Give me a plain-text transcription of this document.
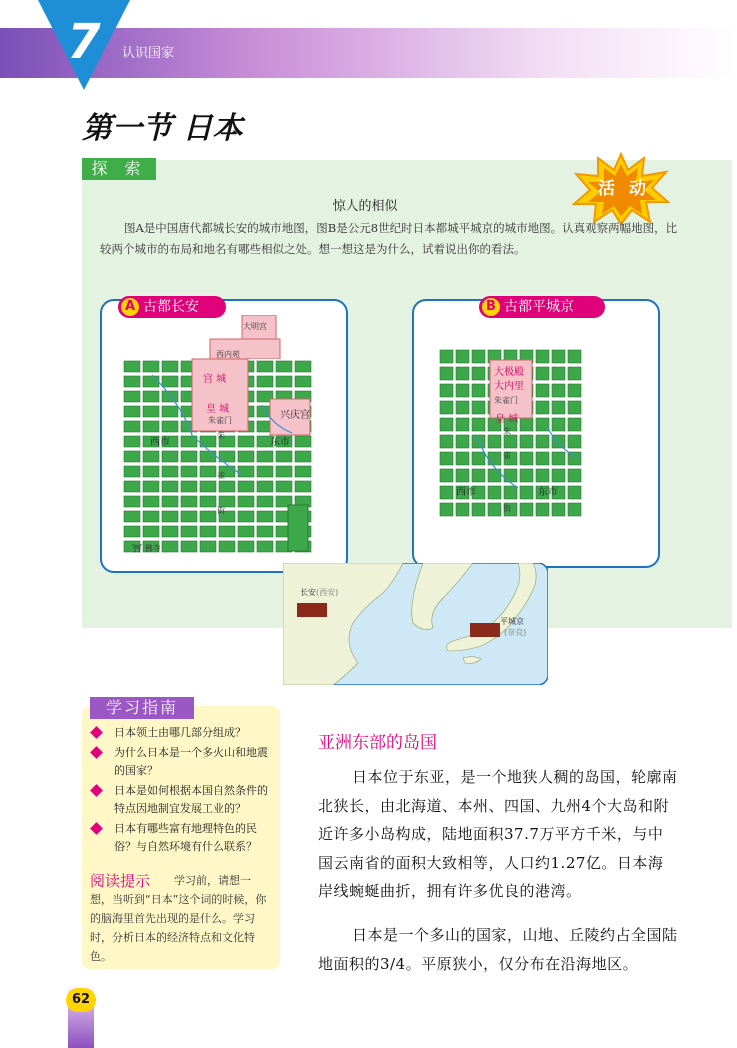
7 认识国家
第一节 日本
探 索
活 动
惊人的相似
图A是中国唐代都城长安的城市地图，图B是公元8世纪时日本都城平城京的城市地图。认真观察两幅地图，比较两个城市的布局和地名有哪些相似之处。想一想这是为什么，试着说出你的看法。
A 古都长安
大明宫
西内苑
宫 城
皇 城
朱雀门	兴庆宫
西市	东市
朱
雀
街
⛩ 佛寺
B 古都平城京
大极殿
大内里
朱雀门
皇 城
朱
雀
街
西市	东市
长安(西安)
平城京
(奈良)
学习指南
日本领土由哪几部分组成？
为什么日本是一个多火山和地震的国家？
日本是如何根据本国自然条件的特点因地制宜发展工业的？
日本有哪些富有地理特色的民俗？与自然环境有什么联系？
阅读提示	学习前，请想一想，当听到“日本”这个词的时候，你的脑海里首先出现的是什么。学习时，分析日本的经济特点和文化特色。
亚洲东部的岛国
日本位于东亚，是一个地狭人稠的岛国，轮廓南北狭长，由北海道、本州、四国、九州4个大岛和附近许多小岛构成，陆地面积37.7万平方千米，与中国云南省的面积大致相等，人口约1.27亿。日本海岸线蜿蜒曲折，拥有许多优良的港湾。
日本是一个多山的国家，山地、丘陵约占全国陆地面积的3/4。平原狭小，仅分布在沿海地区。
62
